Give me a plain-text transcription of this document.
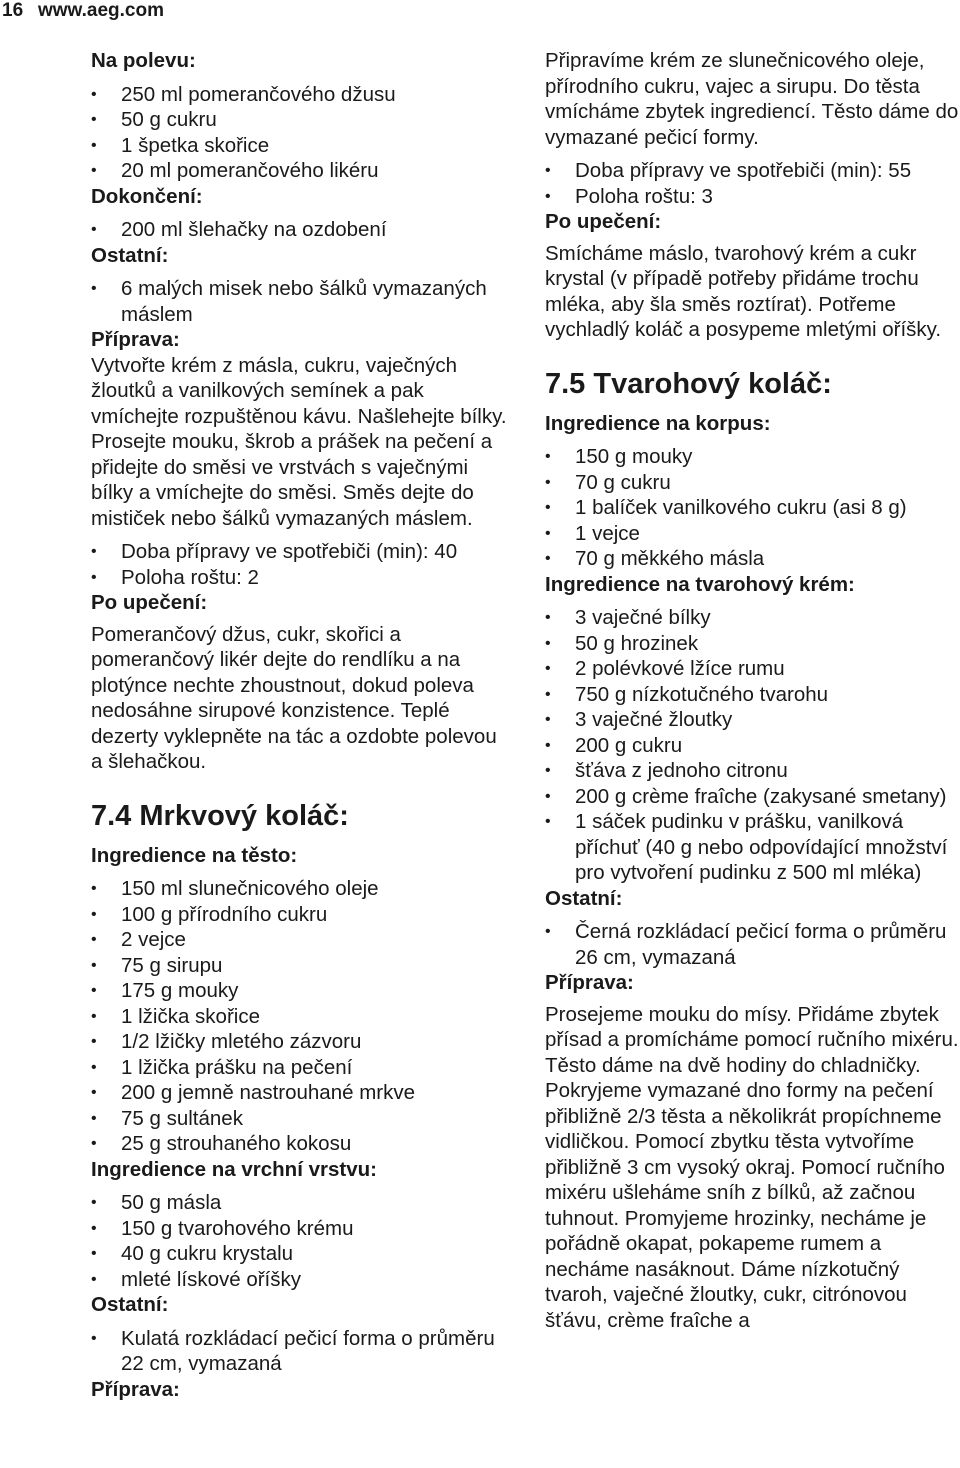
16 www.aeg.com

Na polevu:

• 250 ml pomerančového džusu
• 50 g cukru
• 1 špetka skořice
• 20 ml pomerančového likéru

Dokončení:

• 200 ml šlehačky na ozdobení

Ostatní:

• 6 malých misek nebo šálků vymazaných máslem

Příprava:

Vytvořte krém z másla, cukru, vaječných žloutků a vanilkových semínek a pak vmíchejte rozpuštěnou kávu. Našlehejte bílky. Prosejte mouku, škrob a prášek na pečení a přidejte do směsi ve vrstvách s vaječnými bílky a vmíchejte do směsi. Směs dejte do mističek nebo šálků vymazaných máslem.

• Doba přípravy ve spotřebiči (min): 40
• Poloha roštu: 2

Po upečení:

Pomerančový džus, cukr, skořici a pomerančový likér dejte do rendlíku a na plotýnce nechte zhoustnout, dokud poleva nedosáhne sirupové konzistence. Teplé dezerty vyklepněte na tác a ozdobte polevou a šlehačkou.

7.4 Mrkvový koláč:

Ingredience na těsto:

• 150 ml slunečnicového oleje
• 100 g přírodního cukru
• 2 vejce
• 75 g sirupu
• 175 g mouky
• 1 lžička skořice
• 1/2 lžičky mletého zázvoru
• 1 lžička prášku na pečení
• 200 g jemně nastrouhané mrkve
• 75 g sultánek
• 25 g strouhaného kokosu

Ingredience na vrchní vrstvu:

• 50 g másla
• 150 g tvarohového krému
• 40 g cukru krystalu
• mleté lískové oříšky

Ostatní:

• Kulatá rozkládací pečicí forma o průměru 22 cm, vymazaná

Příprava:

Připravíme krém ze slunečnicového oleje, přírodního cukru, vajec a sirupu. Do těsta vmícháme zbytek ingrediencí. Těsto dáme do vymazané pečicí formy.

• Doba přípravy ve spotřebiči (min): 55
• Poloha roštu: 3

Po upečení:

Smícháme máslo, tvarohový krém a cukr krystal (v případě potřeby přidáme trochu mléka, aby šla směs roztírat). Potřeme vychladlý koláč a posypeme mletými oříšky.

7.5 Tvarohový koláč:

Ingredience na korpus:

• 150 g mouky
• 70 g cukru
• 1 balíček vanilkového cukru (asi 8 g)
• 1 vejce
• 70 g měkkého másla

Ingredience na tvarohový krém:

• 3 vaječné bílky
• 50 g hrozinek
• 2 polévkové lžíce rumu
• 750 g nízkotučného tvarohu
• 3 vaječné žloutky
• 200 g cukru
• šťáva z jednoho citronu
• 200 g crème fraîche (zakysané smetany)
• 1 sáček pudinku v prášku, vanilková příchuť (40 g nebo odpovídající množství pro vytvoření pudinku z 500 ml mléka)

Ostatní:

• Černá rozkládací pečicí forma o průměru 26 cm, vymazaná

Příprava:

Prosejeme mouku do mísy. Přidáme zbytek přísad a promícháme pomocí ručního mixéru. Těsto dáme na dvě hodiny do chladničky. Pokryjeme vymazané dno formy na pečení přibližně 2/3 těsta a několikrát propíchneme vidličkou. Pomocí zbytku těsta vytvoříme přibližně 3 cm vysoký okraj. Pomocí ručního mixéru ušleháme sníh z bílků, až začnou tuhnout. Promyjeme hrozinky, necháme je pořádně okapat, pokapeme rumem a necháme nasáknout. Dáme nízkotučný tvaroh, vaječné žloutky, cukr, citrónovou šťávu, crème fraîche a
